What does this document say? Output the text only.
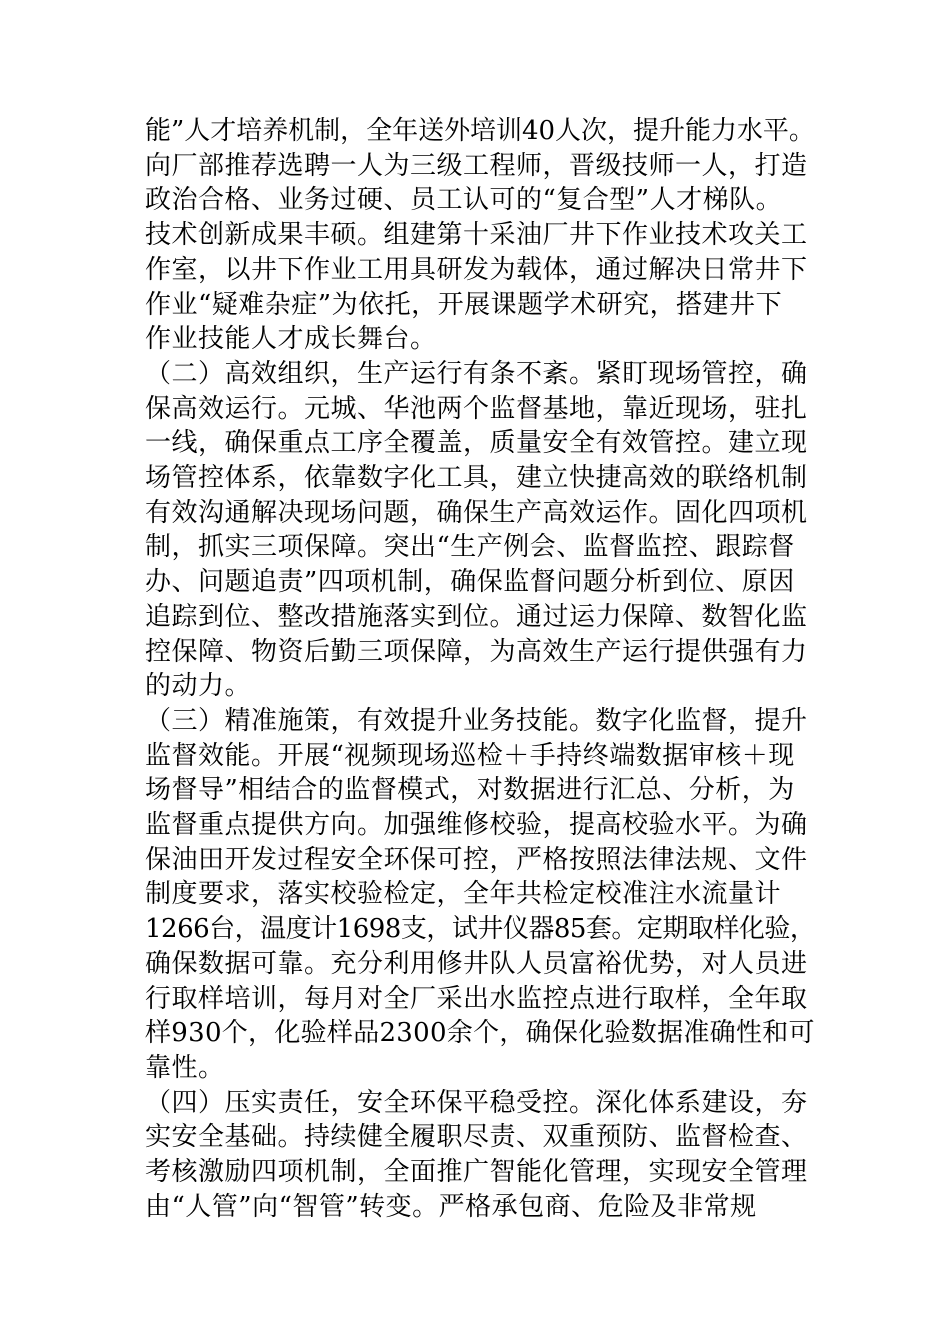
能”人才培养机制，全年送外培训40人次，提升能力水平。
向厂部推荐选聘一人为三级工程师，晋级技师一人，打造
政治合格、业务过硬、员工认可的“复合型”人才梯队。
技术创新成果丰硕。组建第十采油厂井下作业技术攻关工
作室，以井下作业工用具研发为载体，通过解决日常井下
作业“疑难杂症”为依托，开展课题学术研究，搭建井下
作业技能人才成长舞台。
（二）高效组织，生产运行有条不紊。紧盯现场管控，确
保高效运行。元城、华池两个监督基地，靠近现场，驻扎
一线，确保重点工序全覆盖，质量安全有效管控。建立现
场管控体系，依靠数字化工具，建立快捷高效的联络机制
有效沟通解决现场问题，确保生产高效运作。固化四项机
制，抓实三项保障。突出“生产例会、监督监控、跟踪督
办、问题追责”四项机制，确保监督问题分析到位、原因
追踪到位、整改措施落实到位。通过运力保障、数智化监
控保障、物资后勤三项保障，为高效生产运行提供强有力
的动力。
（三）精准施策，有效提升业务技能。数字化监督，提升
监督效能。开展“视频现场巡检＋手持终端数据审核＋现
场督导”相结合的监督模式，对数据进行汇总、分析，为
监督重点提供方向。加强维修校验，提高校验水平。为确
保油田开发过程安全环保可控，严格按照法律法规、文件
制度要求，落实校验检定，全年共检定校准注水流量计
1266台，温度计1698支，试井仪器85套。定期取样化验，
确保数据可靠。充分利用修井队人员富裕优势，对人员进
行取样培训，每月对全厂采出水监控点进行取样，全年取
样930个，化验样品2300余个，确保化验数据准确性和可
靠性。
（四）压实责任，安全环保平稳受控。深化体系建设，夯
实安全基础。持续健全履职尽责、双重预防、监督检查、
考核激励四项机制，全面推广智能化管理，实现安全管理
由“人管”向“智管”转变。严格承包商、危险及非常规
